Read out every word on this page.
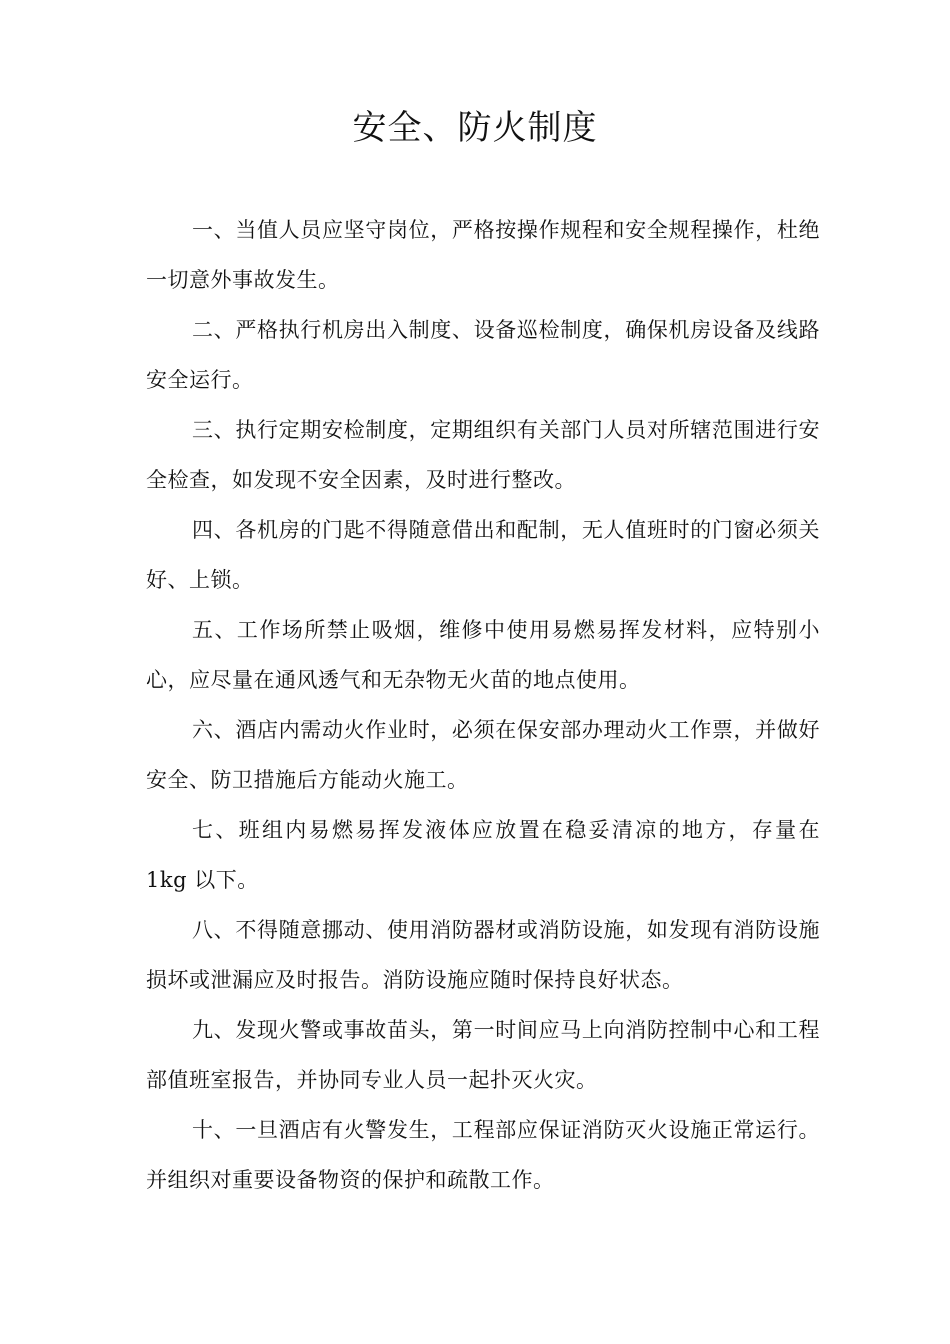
安全、防火制度

一、当值人员应坚守岗位，严格按操作规程和安全规程操作，杜绝一切意外事故发生。

二、严格执行机房出入制度、设备巡检制度，确保机房设备及线路安全运行。

三、执行定期安检制度，定期组织有关部门人员对所辖范围进行安全检查，如发现不安全因素，及时进行整改。

四、各机房的门匙不得随意借出和配制，无人值班时的门窗必须关好、上锁。

五、工作场所禁止吸烟，维修中使用易燃易挥发材料，应特别小心，应尽量在通风透气和无杂物无火苗的地点使用。

六、酒店内需动火作业时，必须在保安部办理动火工作票，并做好安全、防卫措施后方能动火施工。

七、班组内易燃易挥发液体应放置在稳妥清凉的地方，存量在 1kg 以下。

八、不得随意挪动、使用消防器材或消防设施，如发现有消防设施损坏或泄漏应及时报告。消防设施应随时保持良好状态。

九、发现火警或事故苗头，第一时间应马上向消防控制中心和工程部值班室报告，并协同专业人员一起扑灭火灾。

十、一旦酒店有火警发生，工程部应保证消防灭火设施正常运行。并组织对重要设备物资的保护和疏散工作。
